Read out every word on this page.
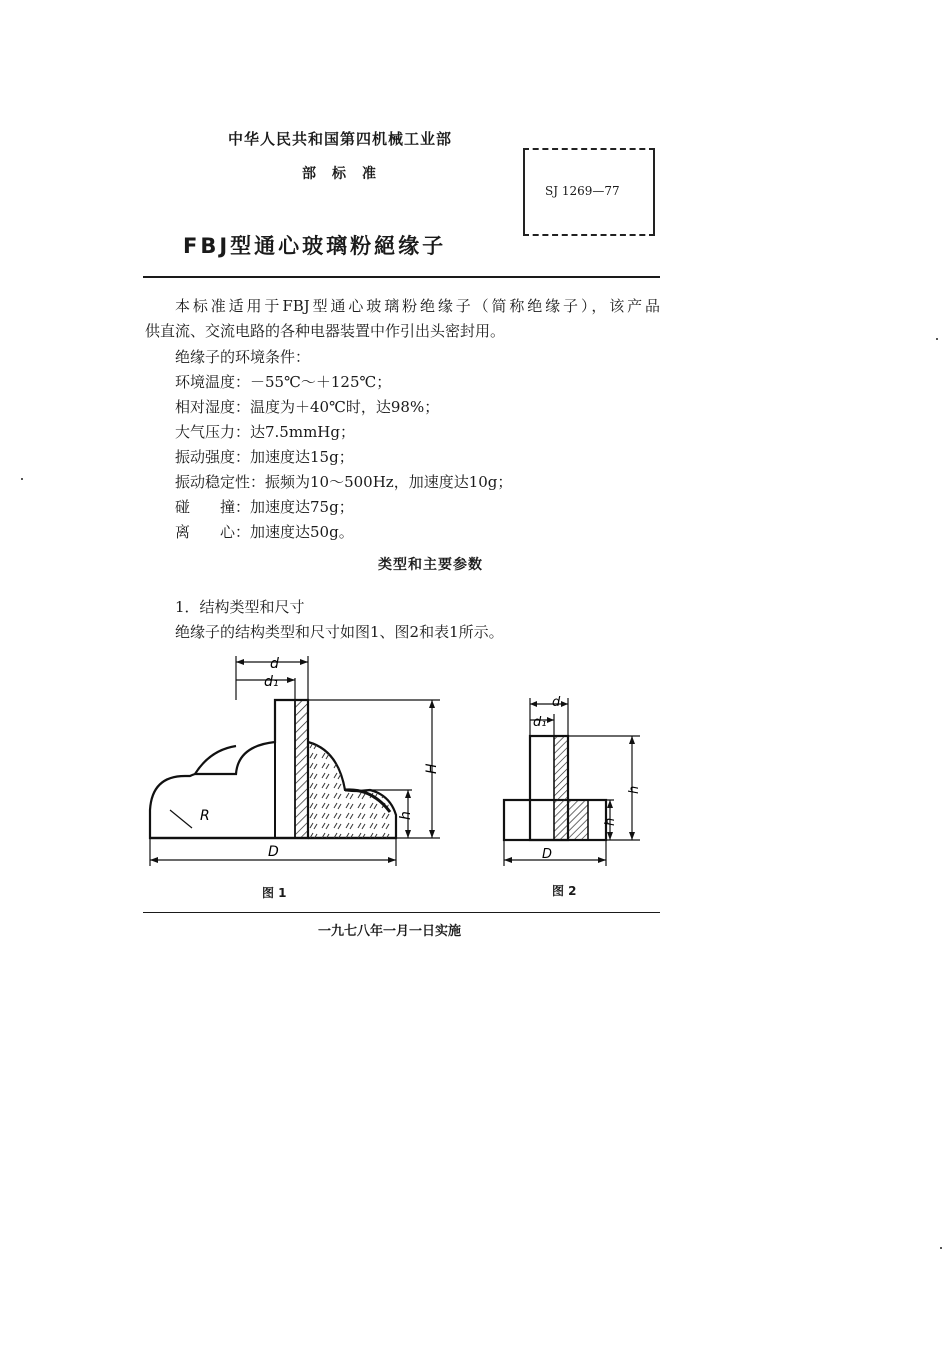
中华人民共和国第四机械工业部
部标准
SJ 1269—77
FBJ型通心玻璃粉絕缘子
本标准适用于FBJ型通心玻璃粉绝缘子（简称绝缘子），该产品
供直流、交流电路的各种电器装置中作引出头密封用。
绝缘子的环境条件：
环境温度：－55℃～＋125℃；
相对湿度：温度为＋40℃时，达98%；
大气压力：达7.5mmHg；
振动强度：加速度达15g；
振动稳定性：振频为10～500Hz，加速度达10g；
碰　　撞：加速度达75g；
离　　心：加速度达50g。
类型和主要参数
1．结构类型和尺寸
绝缘子的结构类型和尺寸如图1、图2和表1所示。
d
d₁
H
h
R
D
图 1
d
d₁
h
h
D
图 2
一九七八年一月一日实施
